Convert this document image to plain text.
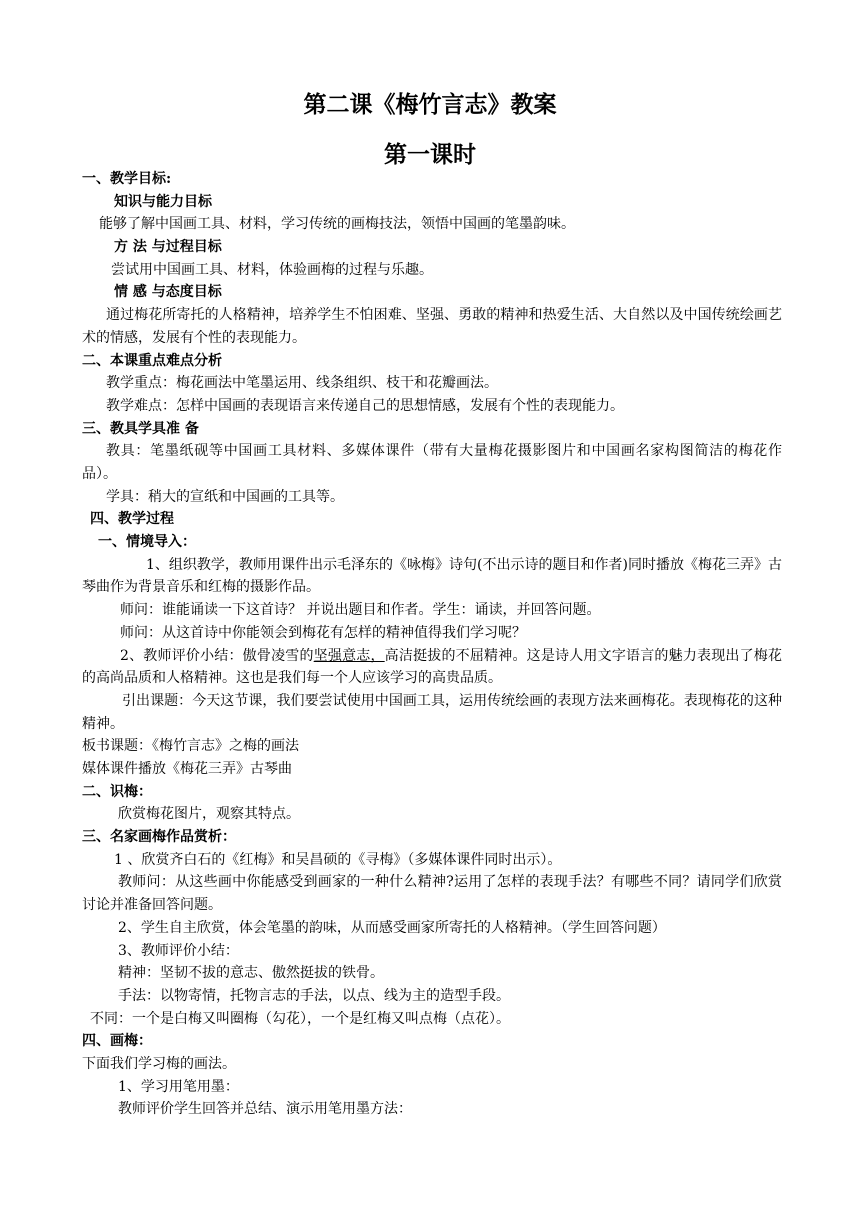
第二课《梅竹言志》教案
第一课时
一、教学目标:
知识与能力目标
能够了解中国画工具、材料，学习传统的画梅技法，领悟中国画的笔墨韵味。
方 法 与过程目标
尝试用中国画工具、材料，体验画梅的过程与乐趣。
情 感 与态度目标
通过梅花所寄托的人格精神，培养学生不怕困难、坚强、勇敢的精神和热爱生活、大自然以及中国传统绘画艺术的情感，发展有个性的表现能力。
二、本课重点难点分析
教学重点：梅花画法中笔墨运用、线条组织、枝干和花瓣画法。
教学难点：怎样中国画的表现语言来传递自己的思想情感，发展有个性的表现能力。
三、教具学具准 备
教具：笔墨纸砚等中国画工具材料、多媒体课件（带有大量梅花摄影图片和中国画名家构图简洁的梅花作品）。
学具：稍大的宣纸和中国画的工具等。
四、教学过程
一、情境导入：
1、组织教学，教师用课件出示毛泽东的《咏梅》诗句(不出示诗的题目和作者)同时播放《梅花三弄》古琴曲作为背景音乐和红梅的摄影作品。
师问：谁能诵读一下这首诗？ 并说出题目和作者。学生：诵读，并回答问题。
师问：从这首诗中你能领会到梅花有怎样的精神值得我们学习呢？
2、教师评价小结：傲骨凌雪的坚强意志，高洁挺拔的不屈精神。这是诗人用文字语言的魅力表现出了梅花的高尚品质和人格精神。这也是我们每一个人应该学习的高贵品质。
引出课题：今天这节课，我们要尝试使用中国画工具，运用传统绘画的表现方法来画梅花。表现梅花的这种精神。
板书课题：《梅竹言志》之梅的画法
媒体课件播放《梅花三弄》古琴曲
二、识梅：
欣赏梅花图片，观察其特点。
三、名家画梅作品赏析：
1 、欣赏齐白石的《红梅》和吴昌硕的《寻梅》（多媒体课件同时出示）。
教师问：从这些画中你能感受到画家的一种什么精神?运用了怎样的表现手法？有哪些不同？请同学们欣赏讨论并准备回答问题。
2、学生自主欣赏，体会笔墨的韵味，从而感受画家所寄托的人格精神。（学生回答问题）
3、教师评价小结：
精神：坚韧不拔的意志、傲然挺拔的铁骨。
手法：以物寄情，托物言志的手法，以点、线为主的造型手段。
不同：一个是白梅又叫圈梅（勾花），一个是红梅又叫点梅（点花）。
四、画梅：
下面我们学习梅的画法。
1、学习用笔用墨：
教师评价学生回答并总结、演示用笔用墨方法：
